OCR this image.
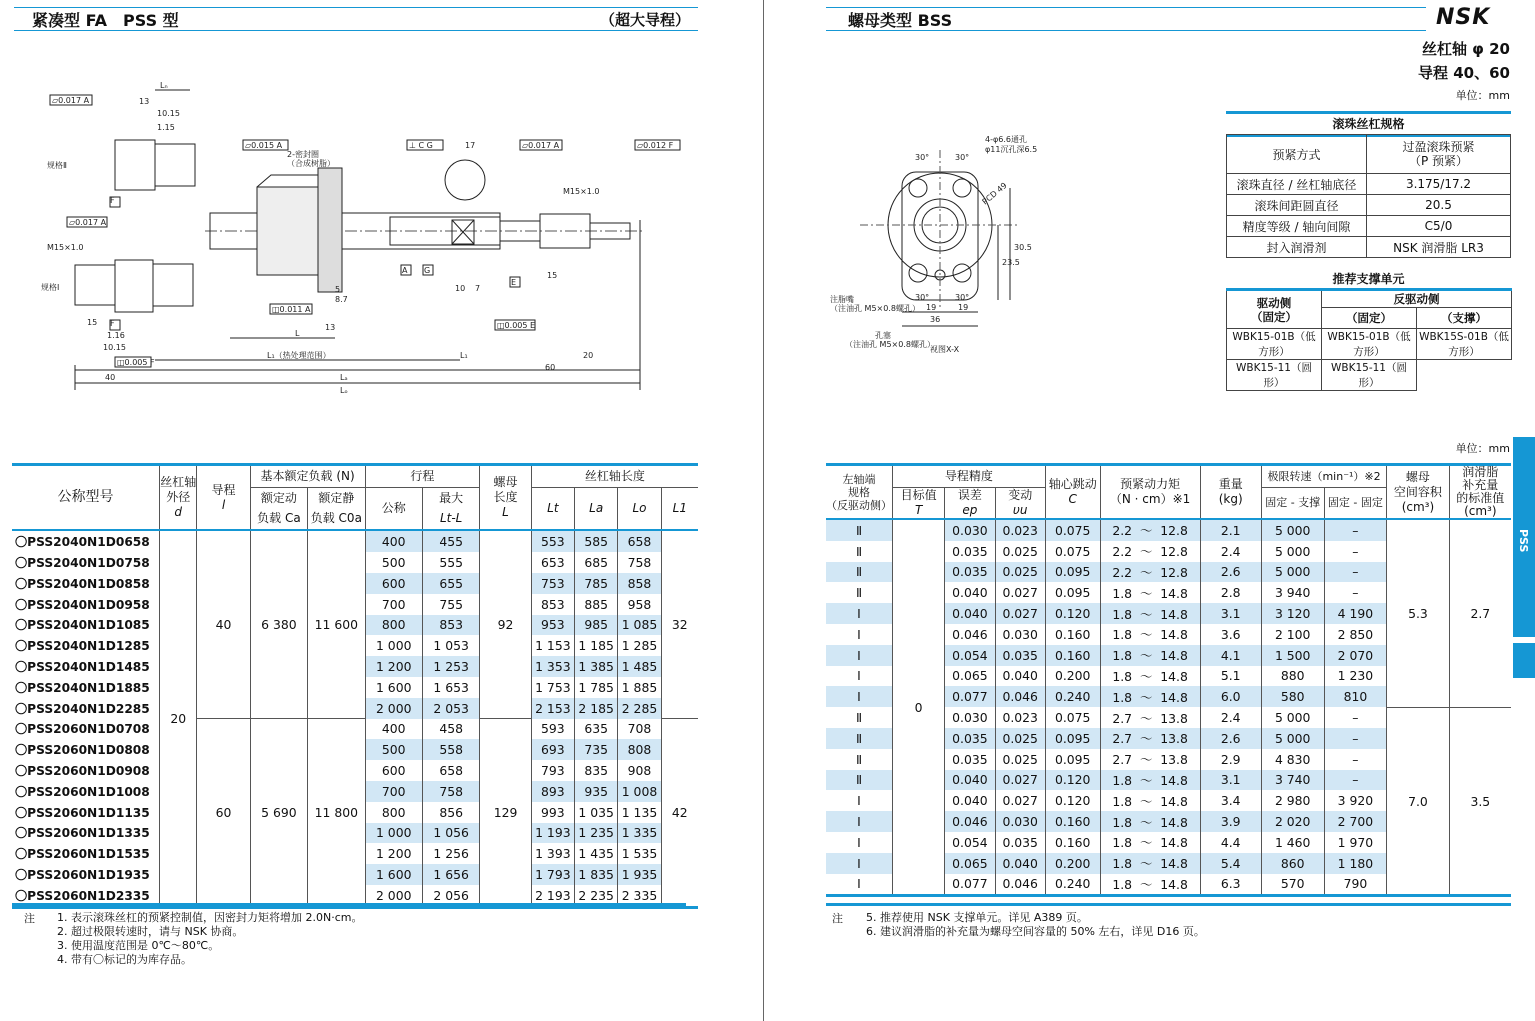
紧凑型 FA　PSS 型	（超大导程）	螺母类型 BSS	NSK
丝杠轴 φ 20
导程 40、60
单位：mm
▱0.017 A
▱0.015 A	⊥ C G	▱0.017 A	▱0.012 F
▱0.017 A
◫0.011 A
◫0.005 E
◫0.005 F
规格Ⅱ
规格Ⅰ
M15×1.0
M15×1.0
2-密封圈
（合成树脂）
L₁（热处理范围）
F
F
A G
E
Lₙ
Lₐ
Lₒ
L₁
L
40
60
20
13
10.15
1.15
15
1.16
10.15
13
8.7
5	10 7
15
17
30°	30°
30°	30°
4-φ6.6通孔
φ11沉孔深6.5
PCD 49
23.5
30.5
36
19	19
注脂嘴
（注油孔 M5×0.8螺孔）
孔塞
（注油孔 M5×0.8螺孔）
视图X-X
滚珠丝杠规格
预紧方式	过盈滚珠预紧
（P 预紧）
滚珠直径 / 丝杠轴底径	3.175/17.2
滚珠间距圆直径	20.5
精度等级 / 轴向间隙	C5/0
封入润滑剂	NSK 润滑脂 LR3
推荐支撑单元
驱动侧
（固定）	反驱动侧	
	（固定）	（支撑）
WBK15-01B（低方形）	WBK15-01B（低方形）	WBK15S-01B（低方形）
WBK15-11（圆形）	WBK15-11（圆形）	
单位：mm
公称型号	丝杠轴
外径
d	导程
l	基本额定负载 (N)		行程		螺母
长度
L	丝杠轴长度			
			额定动	额定静	公称	最大		Lt	La	Lo	L1
			负载 Ca	负载 C0a		Lt-L					
〇PSS2040N1D0658	20	40	6 380	11 600	400	455	92	553	585	658	32
〇PSS2040N1D0758					500	555		653	685	758	
〇PSS2040N1D0858					600	655		753	785	858	
〇PSS2040N1D0958					700	755		853	885	958	
〇PSS2040N1D1085					800	853		953	985	1 085	
〇PSS2040N1D1285					1 000	1 053		1 153	1 185	1 285	
〇PSS2040N1D1485					1 200	1 253		1 353	1 385	1 485	
〇PSS2040N1D1885					1 600	1 653		1 753	1 785	1 885	
〇PSS2040N1D2285					2 000	2 053		2 153	2 185	2 285	
〇PSS2060N1D0708		60	5 690	11 800	400	458	129	593	635	708	42
〇PSS2060N1D0808					500	558		693	735	808	
〇PSS2060N1D0908					600	658		793	835	908	
〇PSS2060N1D1008					700	758		893	935	1 008	
〇PSS2060N1D1135					800	856		993	1 035	1 135	
〇PSS2060N1D1335					1 000	1 056		1 193	1 235	1 335	
〇PSS2060N1D1535					1 200	1 256		1 393	1 435	1 535	
〇PSS2060N1D1935					1 600	1 656		1 793	1 835	1 935	
〇PSS2060N1D2335					2 000	2 056		2 193	2 235	2 335	
左轴端
规格
（反驱动侧）	导程精度			轴心跳动
C	预紧动力矩
（N · cm）※1	重量
(kg)	极限转速（min⁻¹）※2		螺母
空间容积
(cm³)	润滑脂
补充量
的标准值
(cm³)
	目标值
T	误差
ep	变动
υu				固定 - 支撑	固定 - 固定		
Ⅱ	0	0.030	0.023	0.075	2.2  ～  12.8	2.1	5 000	–	5.3	2.7
Ⅱ		0.035	0.025	0.075	2.2  ～  12.8	2.4	5 000	–		
Ⅱ		0.035	0.025	0.095	2.2  ～  12.8	2.6	5 000	–		
Ⅱ		0.040	0.027	0.095	1.8  ～  14.8	2.8	3 940	–		
Ⅰ		0.040	0.027	0.120	1.8  ～  14.8	3.1	3 120	4 190		
Ⅰ		0.046	0.030	0.160	1.8  ～  14.8	3.6	2 100	2 850		
Ⅰ		0.054	0.035	0.160	1.8  ～  14.8	4.1	1 500	2 070		
Ⅰ		0.065	0.040	0.200	1.8  ～  14.8	5.1	880	1 230		
Ⅰ		0.077	0.046	0.240	1.8  ～  14.8	6.0	580	810		
Ⅱ		0.030	0.023	0.075	2.7  ～  13.8	2.4	5 000	–	7.0	3.5
Ⅱ		0.035	0.025	0.095	2.7  ～  13.8	2.6	5 000	–		
Ⅱ		0.035	0.025	0.095	2.7  ～  13.8	2.9	4 830	–		
Ⅱ		0.040	0.027	0.120	1.8  ～  14.8	3.1	3 740	–		
Ⅰ		0.040	0.027	0.120	1.8  ～  14.8	3.4	2 980	3 920		
Ⅰ		0.046	0.030	0.160	1.8  ～  14.8	3.9	2 020	2 700		
Ⅰ		0.054	0.035	0.160	1.8  ～  14.8	4.4	1 460	1 970		
Ⅰ		0.065	0.040	0.200	1.8  ～  14.8	5.4	860	1 180		
Ⅰ		0.077	0.046	0.240	1.8  ～  14.8	6.3	570	790		
注 1. 表示滚珠丝杠的预紧控制值，因密封力矩将增加 2.0N·cm。
2. 超过极限转速时，请与 NSK 协商。
3. 使用温度范围是 0℃～80℃。
4. 带有〇标记的为库存品。
注 5. 推荐使用 NSK 支撑单元。详见 A389 页。
6. 建议润滑脂的补充量为螺母空间容量的 50% 左右，详见 D16 页。
PSS
